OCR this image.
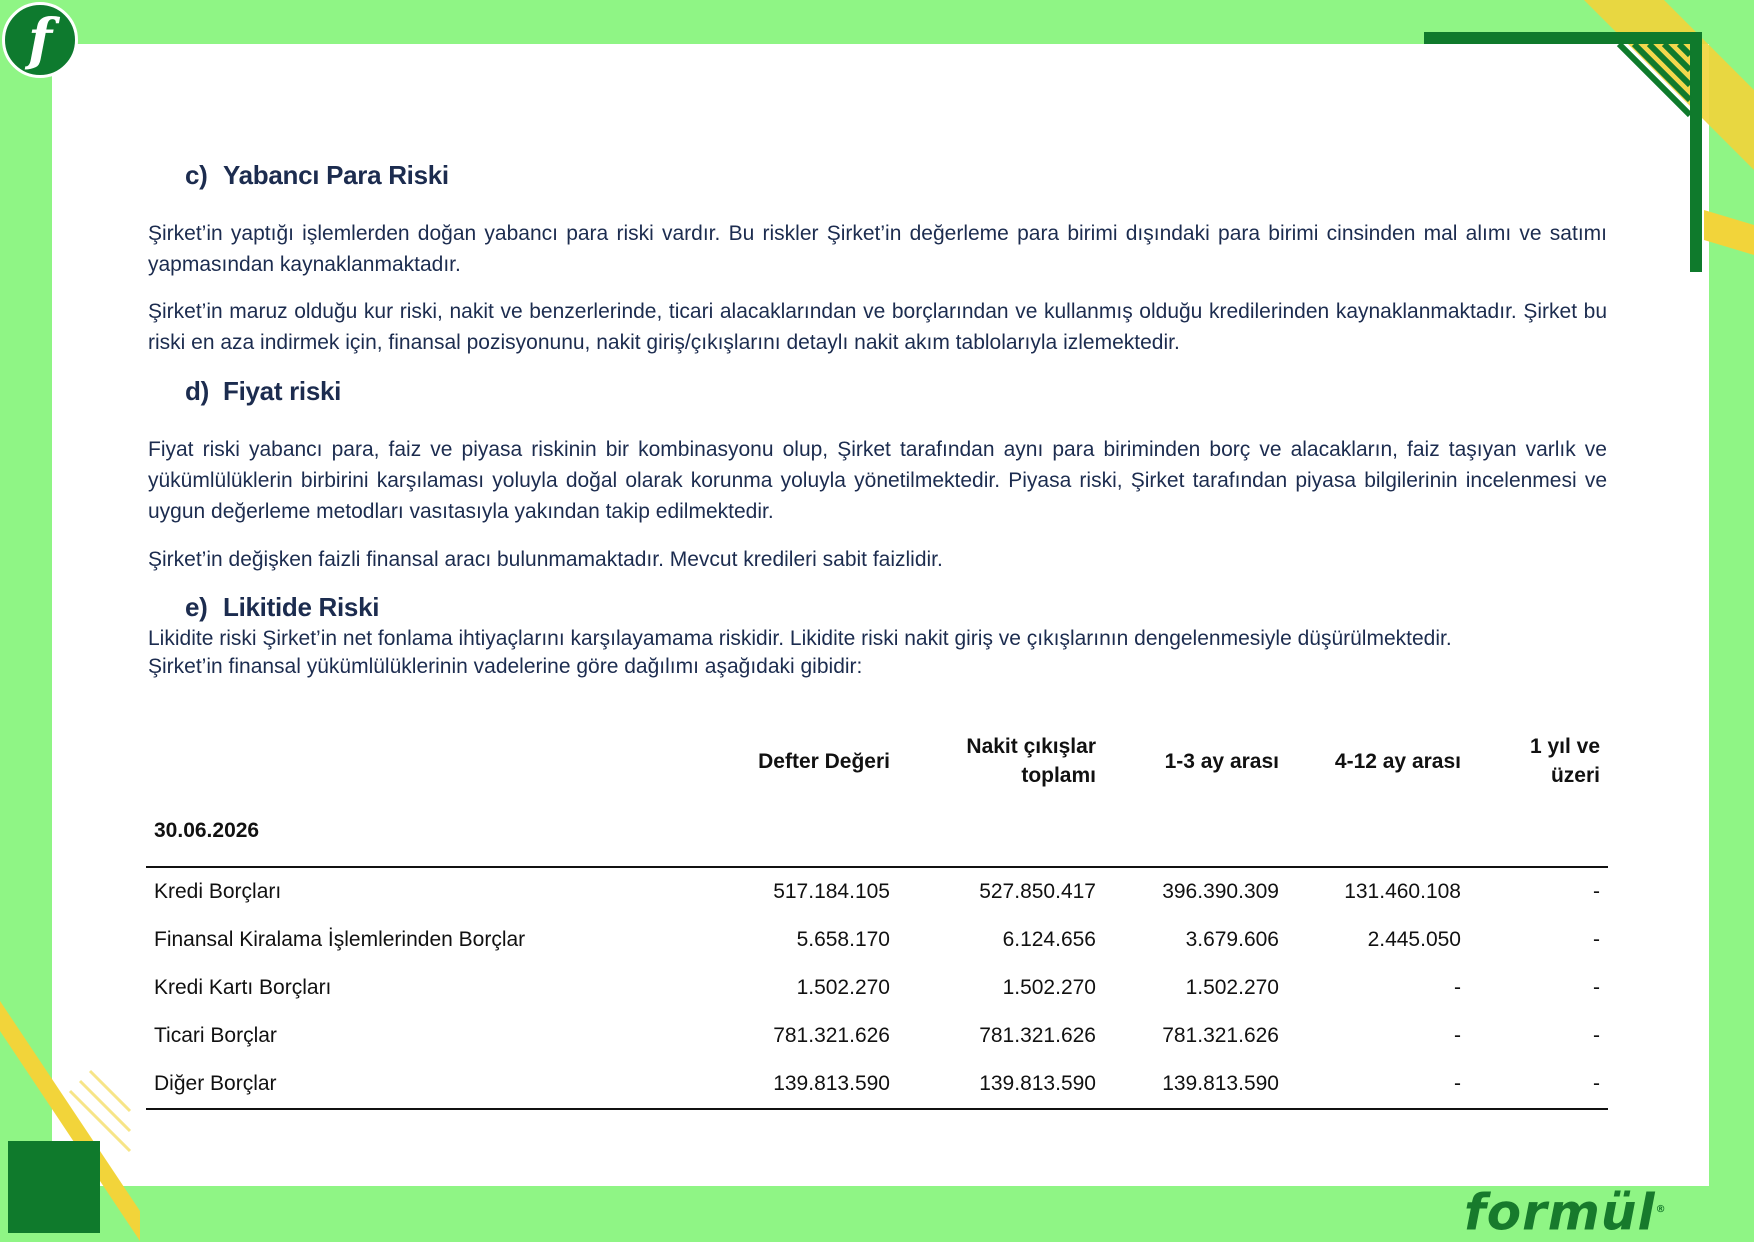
f
formül®
c) Yabancı Para Riski

Şirket’in yaptığı işlemlerden doğan yabancı para riski vardır. Bu riskler Şirket’in değerleme para birimi dışındaki para birimi cinsinden mal alımı ve satımı yapmasından kaynaklanmaktadır.

Şirket’in maruz olduğu kur riski, nakit ve benzerlerinde, ticari alacaklarından ve borçlarından ve kullanmış olduğu kredilerinden kaynaklanmaktadır. Şirket bu riski en aza indirmek için, finansal pozisyonunu, nakit giriş/çıkışlarını detaylı nakit akım tablolarıyla izlemektedir.

d) Fiyat riski

Fiyat riski yabancı para, faiz ve piyasa riskinin bir kombinasyonu olup, Şirket tarafından aynı para biriminden borç ve alacakların, faiz taşıyan varlık ve yükümlülüklerin birbirini karşılaması yoluyla doğal olarak korunma yoluyla yönetilmektedir. Piyasa riski, Şirket tarafından piyasa bilgilerinin incelenmesi ve uygun değerleme metodları vasıtasıyla yakından takip edilmektedir.

Şirket’in değişken faizli finansal aracı bulunmamaktadır. Mevcut kredileri sabit faizlidir.

e) Likitide Riski

Likidite riski Şirket’in net fonlama ihtiyaçlarını karşılayamama riskidir. Likidite riski nakit giriş ve çıkışlarının dengelenmesiyle düşürülmektedir.

Şirket’in finansal yükümlülüklerinin vadelerine göre dağılımı aşağıdaki gibidir:

	Defter Değeri	Nakit çıkışlar
toplamı	1-3 ay arası	4-12 ay arası	1 yıl ve üzeri
30.06.2026					
Kredi Borçları	517.184.105	527.850.417	396.390.309	131.460.108	-
Finansal Kiralama İşlemlerinden Borçlar	5.658.170	6.124.656	3.679.606	2.445.050	-
Kredi Kartı Borçları	1.502.270	1.502.270	1.502.270	-	-
Ticari Borçlar	781.321.626	781.321.626	781.321.626	-	-
Diğer Borçlar	139.813.590	139.813.590	139.813.590	-	-
